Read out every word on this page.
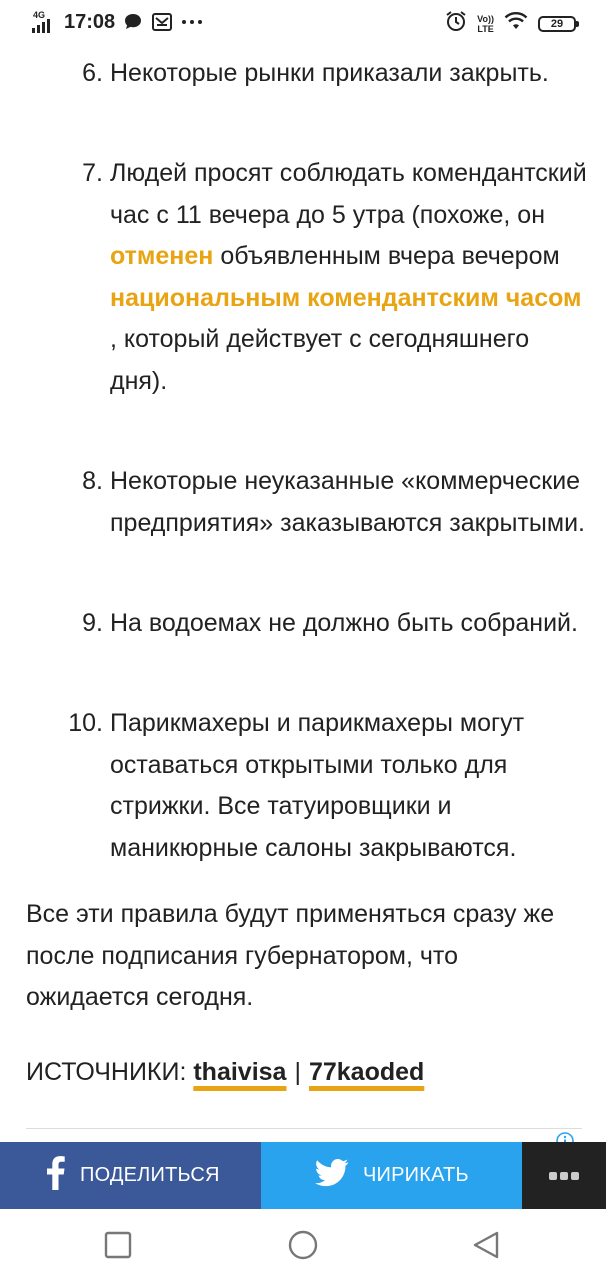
4G 17:08	Vo))
LTE	29
6. Некоторые рынки приказали закрыть.
7. Людей просят соблюдать комендантский час с 11 вечера до 5 утра (похоже, он отменен объявленным вчера вечером национальным комендантским часом , который действует с сегодняшнего дня).
8. Некоторые неуказанные «коммерческие предприятия» заказываются закрытыми.
9. На водоемах не должно быть собраний.
10. Парикмахеры и парикмахеры могут оставаться открытыми только для стрижки. Все татуировщики и маникюрные салоны закрываются.
Все эти правила будут применяться сразу же после подписания губернатором, что ожидается сегодня.
ИСТОЧНИКИ: thaivisa | 77kaoded
ПОДЕЛИТЬСЯ	ЧИРИКАТЬ
